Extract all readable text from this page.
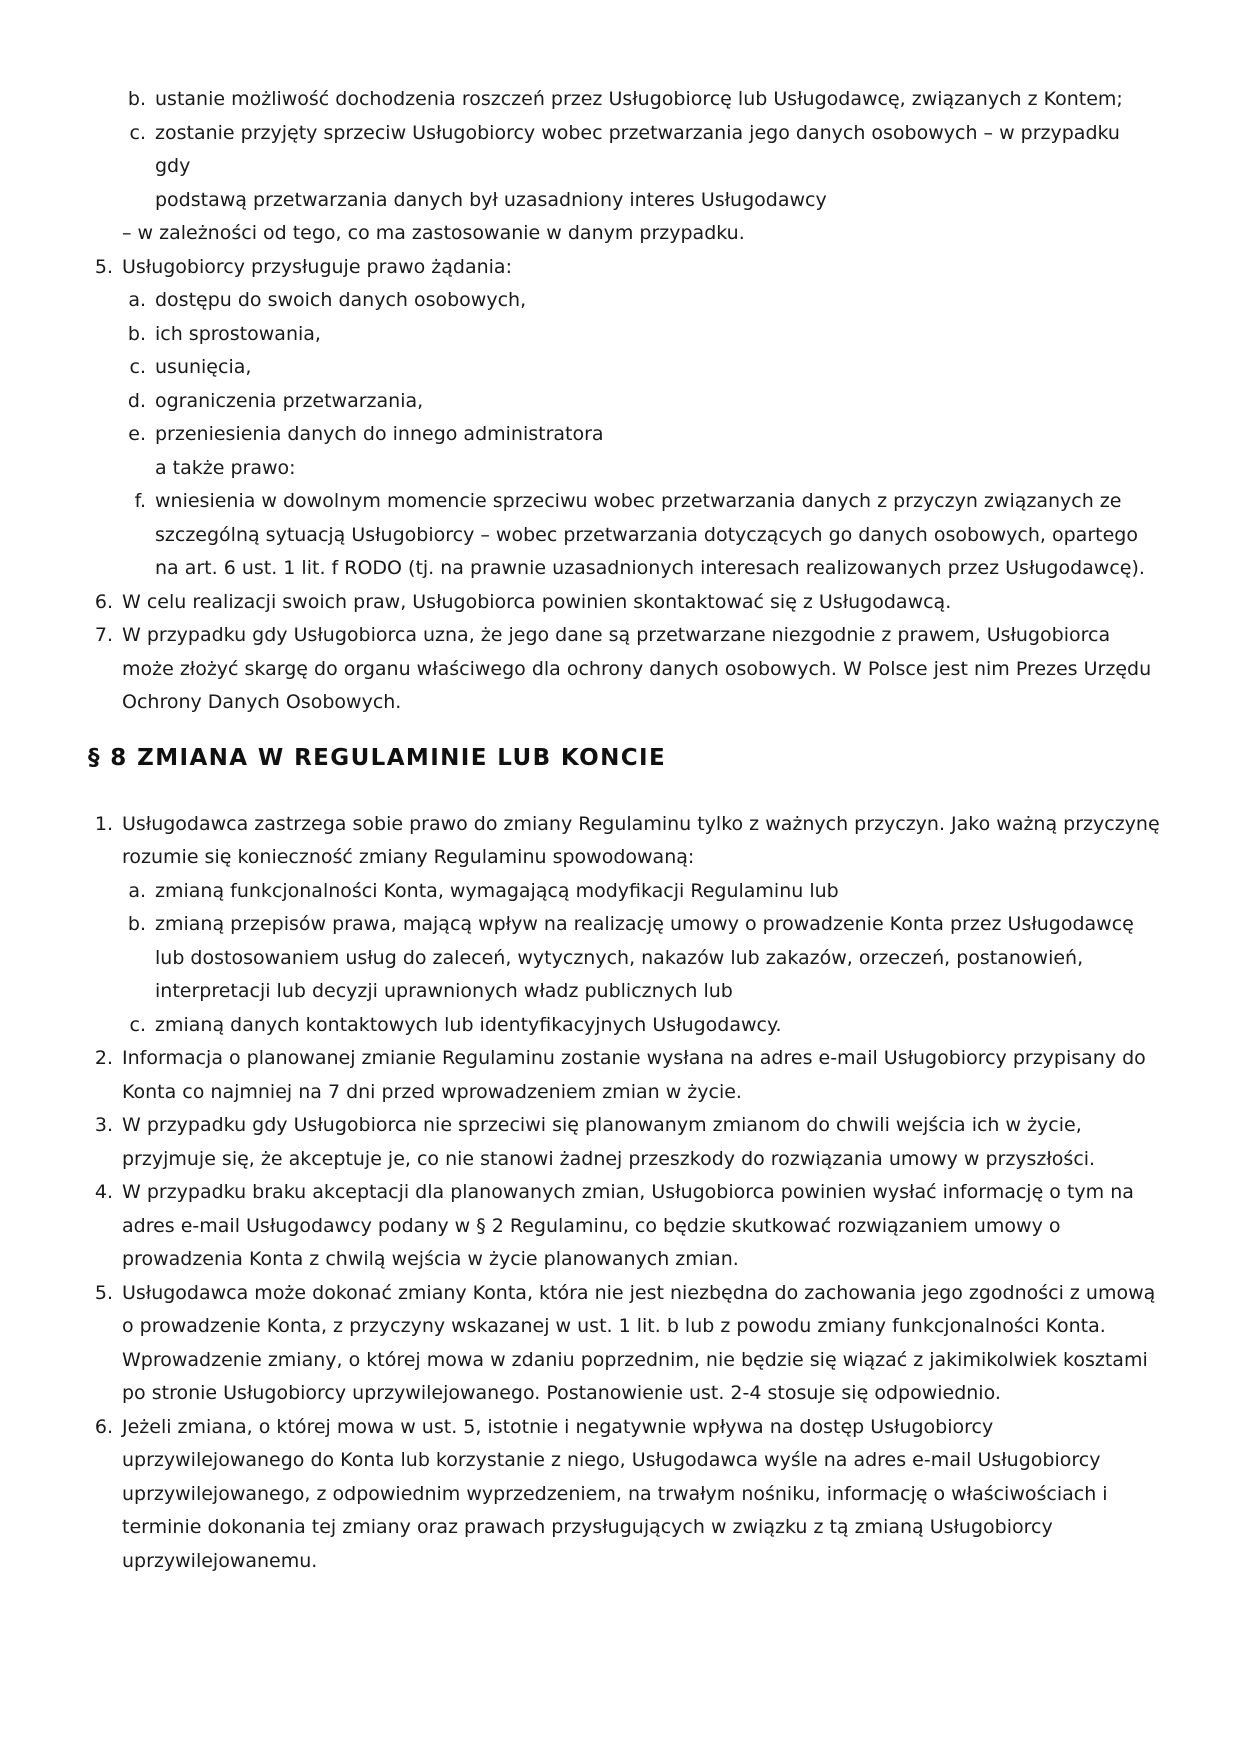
b. ustanie możliwość dochodzenia roszczeń przez Usługobiorcę lub Usługodawcę, związanych z Kontem;
c. zostanie przyjęty sprzeciw Usługobiorcy wobec przetwarzania jego danych osobowych – w przypadku gdy
podstawą przetwarzania danych był uzasadniony interes Usługodawcy
– w zależności od tego, co ma zastosowanie w danym przypadku.
5. Usługobiorcy przysługuje prawo żądania:
a. dostępu do swoich danych osobowych,
b. ich sprostowania,
c. usunięcia,
d. ograniczenia przetwarzania,
e. przeniesienia danych do innego administratora
a także prawo:
f. wniesienia w dowolnym momencie sprzeciwu wobec przetwarzania danych z przyczyn związanych ze
szczególną sytuacją Usługobiorcy – wobec przetwarzania dotyczących go danych osobowych, opartego
na art. 6 ust. 1 lit. f RODO (tj. na prawnie uzasadnionych interesach realizowanych przez Usługodawcę).
6. W celu realizacji swoich praw, Usługobiorca powinien skontaktować się z Usługodawcą.
7. W przypadku gdy Usługobiorca uzna, że jego dane są przetwarzane niezgodnie z prawem, Usługobiorca
może złożyć skargę do organu właściwego dla ochrony danych osobowych. W Polsce jest nim Prezes Urzędu
Ochrony Danych Osobowych.
§ 8 ZMIANA W REGULAMINIE LUB KONCIE
1. Usługodawca zastrzega sobie prawo do zmiany Regulaminu tylko z ważnych przyczyn. Jako ważną przyczynę
rozumie się konieczność zmiany Regulaminu spowodowaną:
a. zmianą funkcjonalności Konta, wymagającą modyfikacji Regulaminu lub
b. zmianą przepisów prawa, mającą wpływ na realizację umowy o prowadzenie Konta przez Usługodawcę
lub dostosowaniem usług do zaleceń, wytycznych, nakazów lub zakazów, orzeczeń, postanowień,
interpretacji lub decyzji uprawnionych władz publicznych lub
c. zmianą danych kontaktowych lub identyfikacyjnych Usługodawcy.
2. Informacja o planowanej zmianie Regulaminu zostanie wysłana na adres e-mail Usługobiorcy przypisany do
Konta co najmniej na 7 dni przed wprowadzeniem zmian w życie.
3. W przypadku gdy Usługobiorca nie sprzeciwi się planowanym zmianom do chwili wejścia ich w życie,
przyjmuje się, że akceptuje je, co nie stanowi żadnej przeszkody do rozwiązania umowy w przyszłości.
4. W przypadku braku akceptacji dla planowanych zmian, Usługobiorca powinien wysłać informację o tym na
adres e-mail Usługodawcy podany w § 2 Regulaminu, co będzie skutkować rozwiązaniem umowy o
prowadzenia Konta z chwilą wejścia w życie planowanych zmian.
5. Usługodawca może dokonać zmiany Konta, która nie jest niezbędna do zachowania jego zgodności z umową
o prowadzenie Konta, z przyczyny wskazanej w ust. 1 lit. b lub z powodu zmiany funkcjonalności Konta.
Wprowadzenie zmiany, o której mowa w zdaniu poprzednim, nie będzie się wiązać z jakimikolwiek kosztami
po stronie Usługobiorcy uprzywilejowanego. Postanowienie ust. 2-4 stosuje się odpowiednio.
6. Jeżeli zmiana, o której mowa w ust. 5, istotnie i negatywnie wpływa na dostęp Usługobiorcy
uprzywilejowanego do Konta lub korzystanie z niego, Usługodawca wyśle na adres e-mail Usługobiorcy
uprzywilejowanego, z odpowiednim wyprzedzeniem, na trwałym nośniku, informację o właściwościach i
terminie dokonania tej zmiany oraz prawach przysługujących w związku z tą zmianą Usługobiorcy
uprzywilejowanemu.
